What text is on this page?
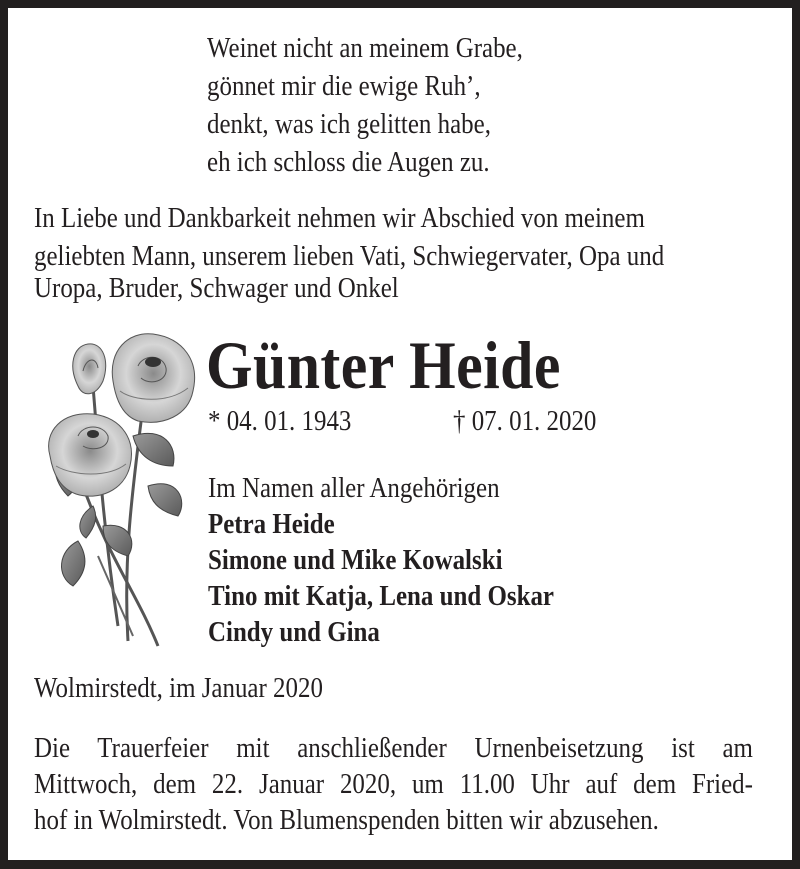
Weinet nicht an meinem Grabe,
gönnet mir die ewige Ruh’,
denkt, was ich gelitten habe,
eh ich schloss die Augen zu.
In Liebe und Dankbarkeit nehmen wir Abschied von meinem
geliebten Mann, unserem lieben Vati, Schwiegervater, Opa und
Uropa, Bruder, Schwager und Onkel
Günter Heide
* 04. 01. 1943	† 07. 01. 2020
Im Namen aller Angehörigen
Petra Heide
Simone und Mike Kowalski
Tino mit Katja, Lena und Oskar
Cindy und Gina
Wolmirstedt, im Januar 2020
Die Trauerfeier mit anschließender Urnenbeisetzung ist am
Mittwoch, dem 22. Januar 2020, um 11.00 Uhr auf dem Fried-
hof in Wolmirstedt. Von Blumenspenden bitten wir abzusehen.
